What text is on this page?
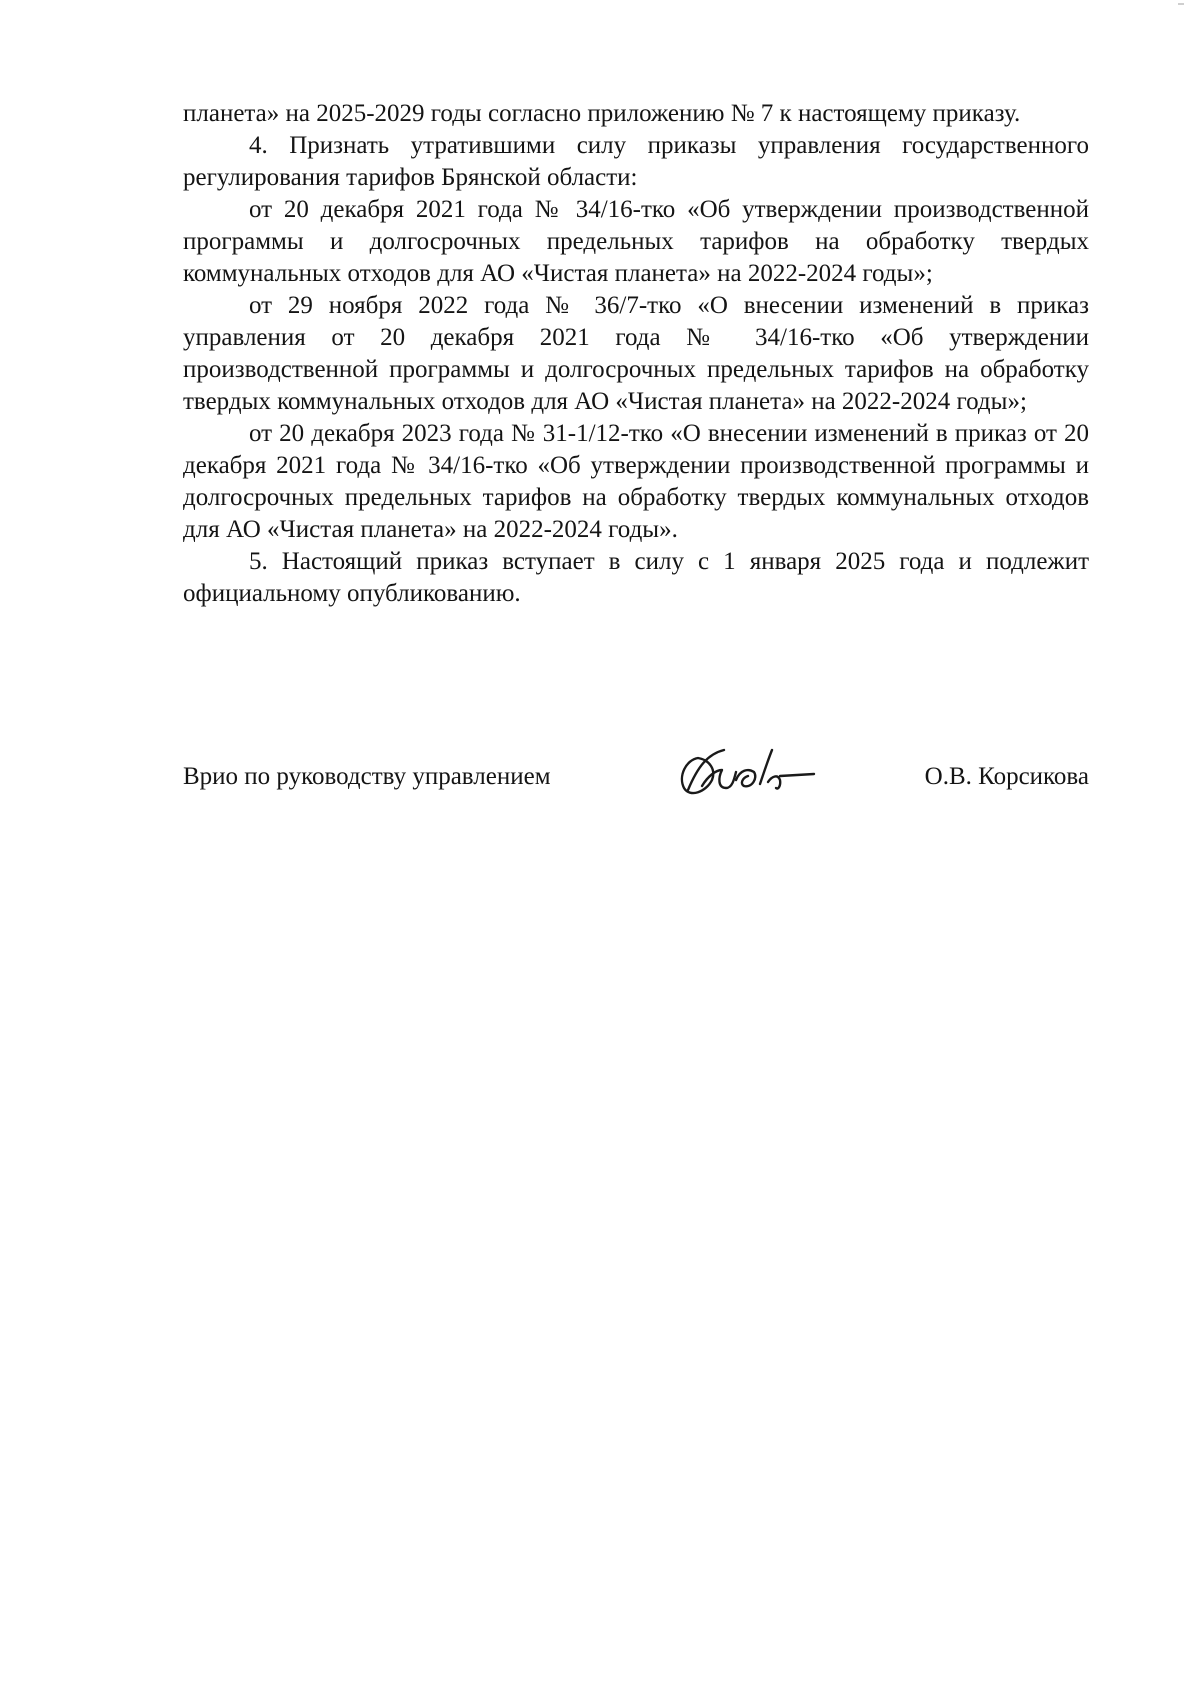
планета» на 2025-2029 годы согласно приложению № 7 к настоящему приказу.

4. Признать утратившими силу приказы управления государственного регулирования тарифов Брянской области:

от 20 декабря 2021 года № 34/16-тко «Об утверждении производственной программы и долгосрочных предельных тарифов на обработку твердых коммунальных отходов для АО «Чистая планета» на 2022-2024 годы»;

от 29 ноября 2022 года № 36/7-тко «О внесении изменений в приказ управления от 20 декабря 2021 года № 34/16-тко «Об утверждении производственной программы и долгосрочных предельных тарифов на обработку твердых коммунальных отходов для АО «Чистая планета» на 2022-2024 годы»;

от 20 декабря 2023 года № 31-1/12-тко «О внесении изменений в приказ от 20 декабря 2021 года № 34/16-тко «Об утверждении производственной программы и долгосрочных предельных тарифов на обработку твердых коммунальных отходов для АО «Чистая планета» на 2022-2024 годы».

5. Настоящий приказ вступает в силу с 1 января 2025 года и подлежит официальному опубликованию.

Врио по руководству управлением	О.В. Корсикова
